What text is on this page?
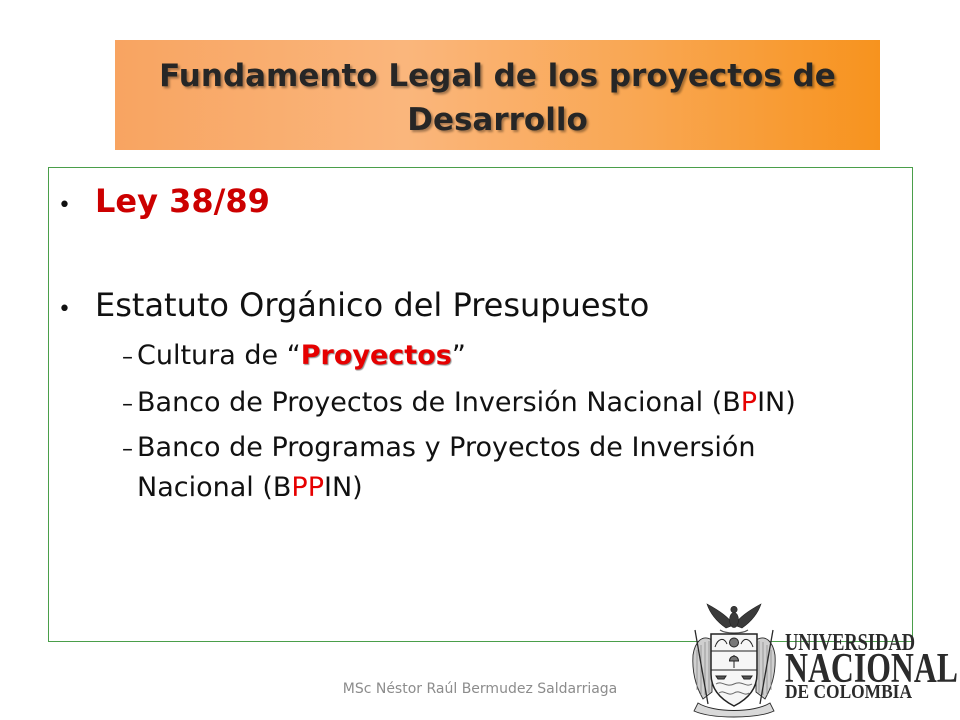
Fundamento Legal de los proyectos de
Desarrollo
• Ley 38/89
• Estatuto Orgánico del Presupuesto
– Cultura de “Proyectos”
– Banco de Proyectos de Inversión Nacional (BPIN)
– Banco de Programas y Proyectos de Inversión
Nacional (BPPIN)
MSc Néstor Raúl Bermudez Saldarriaga
UNIVERSIDAD
NACIONAL
DE COLOMBIA
